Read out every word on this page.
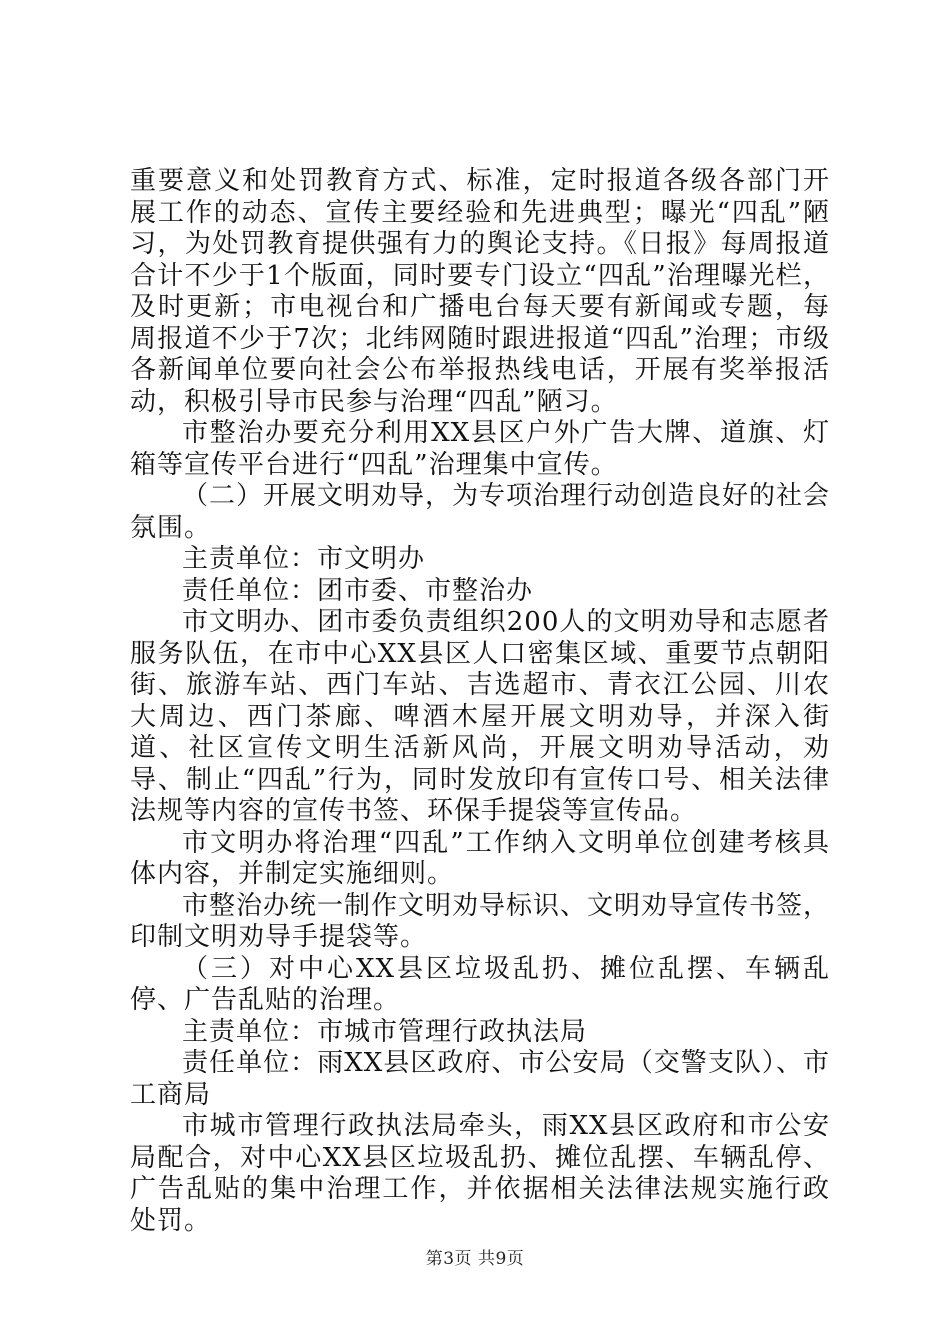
重要意义和处罚教育方式、标准，定时报道各级各部门开展工作的动态、宣传主要经验和先进典型；曝光“四乱”陋习，为处罚教育提供强有力的舆论支持。《日报》每周报道合计不少于1个版面，同时要专门设立“四乱”治理曝光栏，及时更新；市电视台和广播电台每天要有新闻或专题，每周报道不少于7次；北纬网随时跟进报道“四乱”治理；市级各新闻单位要向社会公布举报热线电话，开展有奖举报活动，积极引导市民参与治理“四乱”陋习。

市整治办要充分利用XX县区户外广告大牌、道旗、灯箱等宣传平台进行“四乱”治理集中宣传。

（二）开展文明劝导，为专项治理行动创造良好的社会氛围。

主责单位：市文明办

责任单位：团市委、市整治办

市文明办、团市委负责组织200人的文明劝导和志愿者服务队伍，在市中心XX县区人口密集区域、重要节点朝阳街、旅游车站、西门车站、吉选超市、青衣江公园、川农大周边、西门茶廊、啤酒木屋开展文明劝导，并深入街道、社区宣传文明生活新风尚，开展文明劝导活动，劝导、制止“四乱”行为，同时发放印有宣传口号、相关法律法规等内容的宣传书签、环保手提袋等宣传品。

市文明办将治理“四乱”工作纳入文明单位创建考核具体内容，并制定实施细则。

市整治办统一制作文明劝导标识、文明劝导宣传书签，印制文明劝导手提袋等。

（三）对中心XX县区垃圾乱扔、摊位乱摆、车辆乱停、广告乱贴的治理。

主责单位：市城市管理行政执法局

责任单位：雨XX县区政府、市公安局（交警支队）、市工商局

市城市管理行政执法局牵头，雨XX县区政府和市公安局配合，对中心XX县区垃圾乱扔、摊位乱摆、车辆乱停、广告乱贴的集中治理工作，并依据相关法律法规实施行政处罚。

第3页 共9页
